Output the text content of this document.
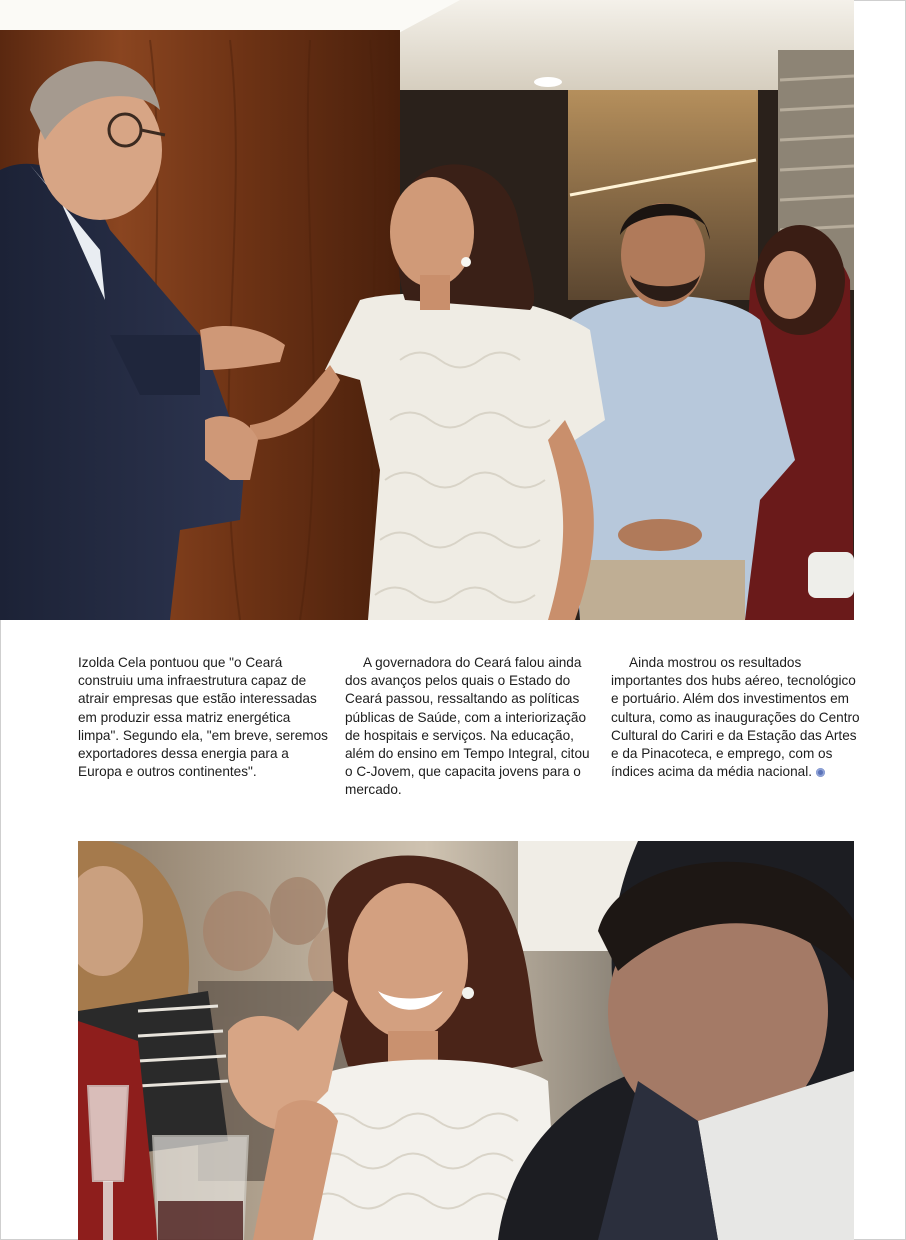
Izolda Cela pontuou que "o Ceará construiu uma infraestrutura capaz de atrair empresas que estão interessadas em produzir essa matriz energética limpa". Segundo ela, "em breve, seremos exportadores dessa energia para a Europa e outros continentes".

A governadora do Ceará falou ainda dos avanços pelos quais o Estado do Ceará passou, ressaltando as políticas públicas de Saúde, com a interiorização de hospitais e serviços. Na educação, além do ensino em Tempo Integral, citou o C-Jovem, que capacita jovens para o mercado.

Ainda mostrou os resultados importantes dos hubs aéreo, tecnológico e portuário. Além dos investimentos em cultura, como as inaugurações do Centro Cultural do Cariri e da Estação das Artes e da Pinacoteca, e emprego, com os índices acima da média nacional.
